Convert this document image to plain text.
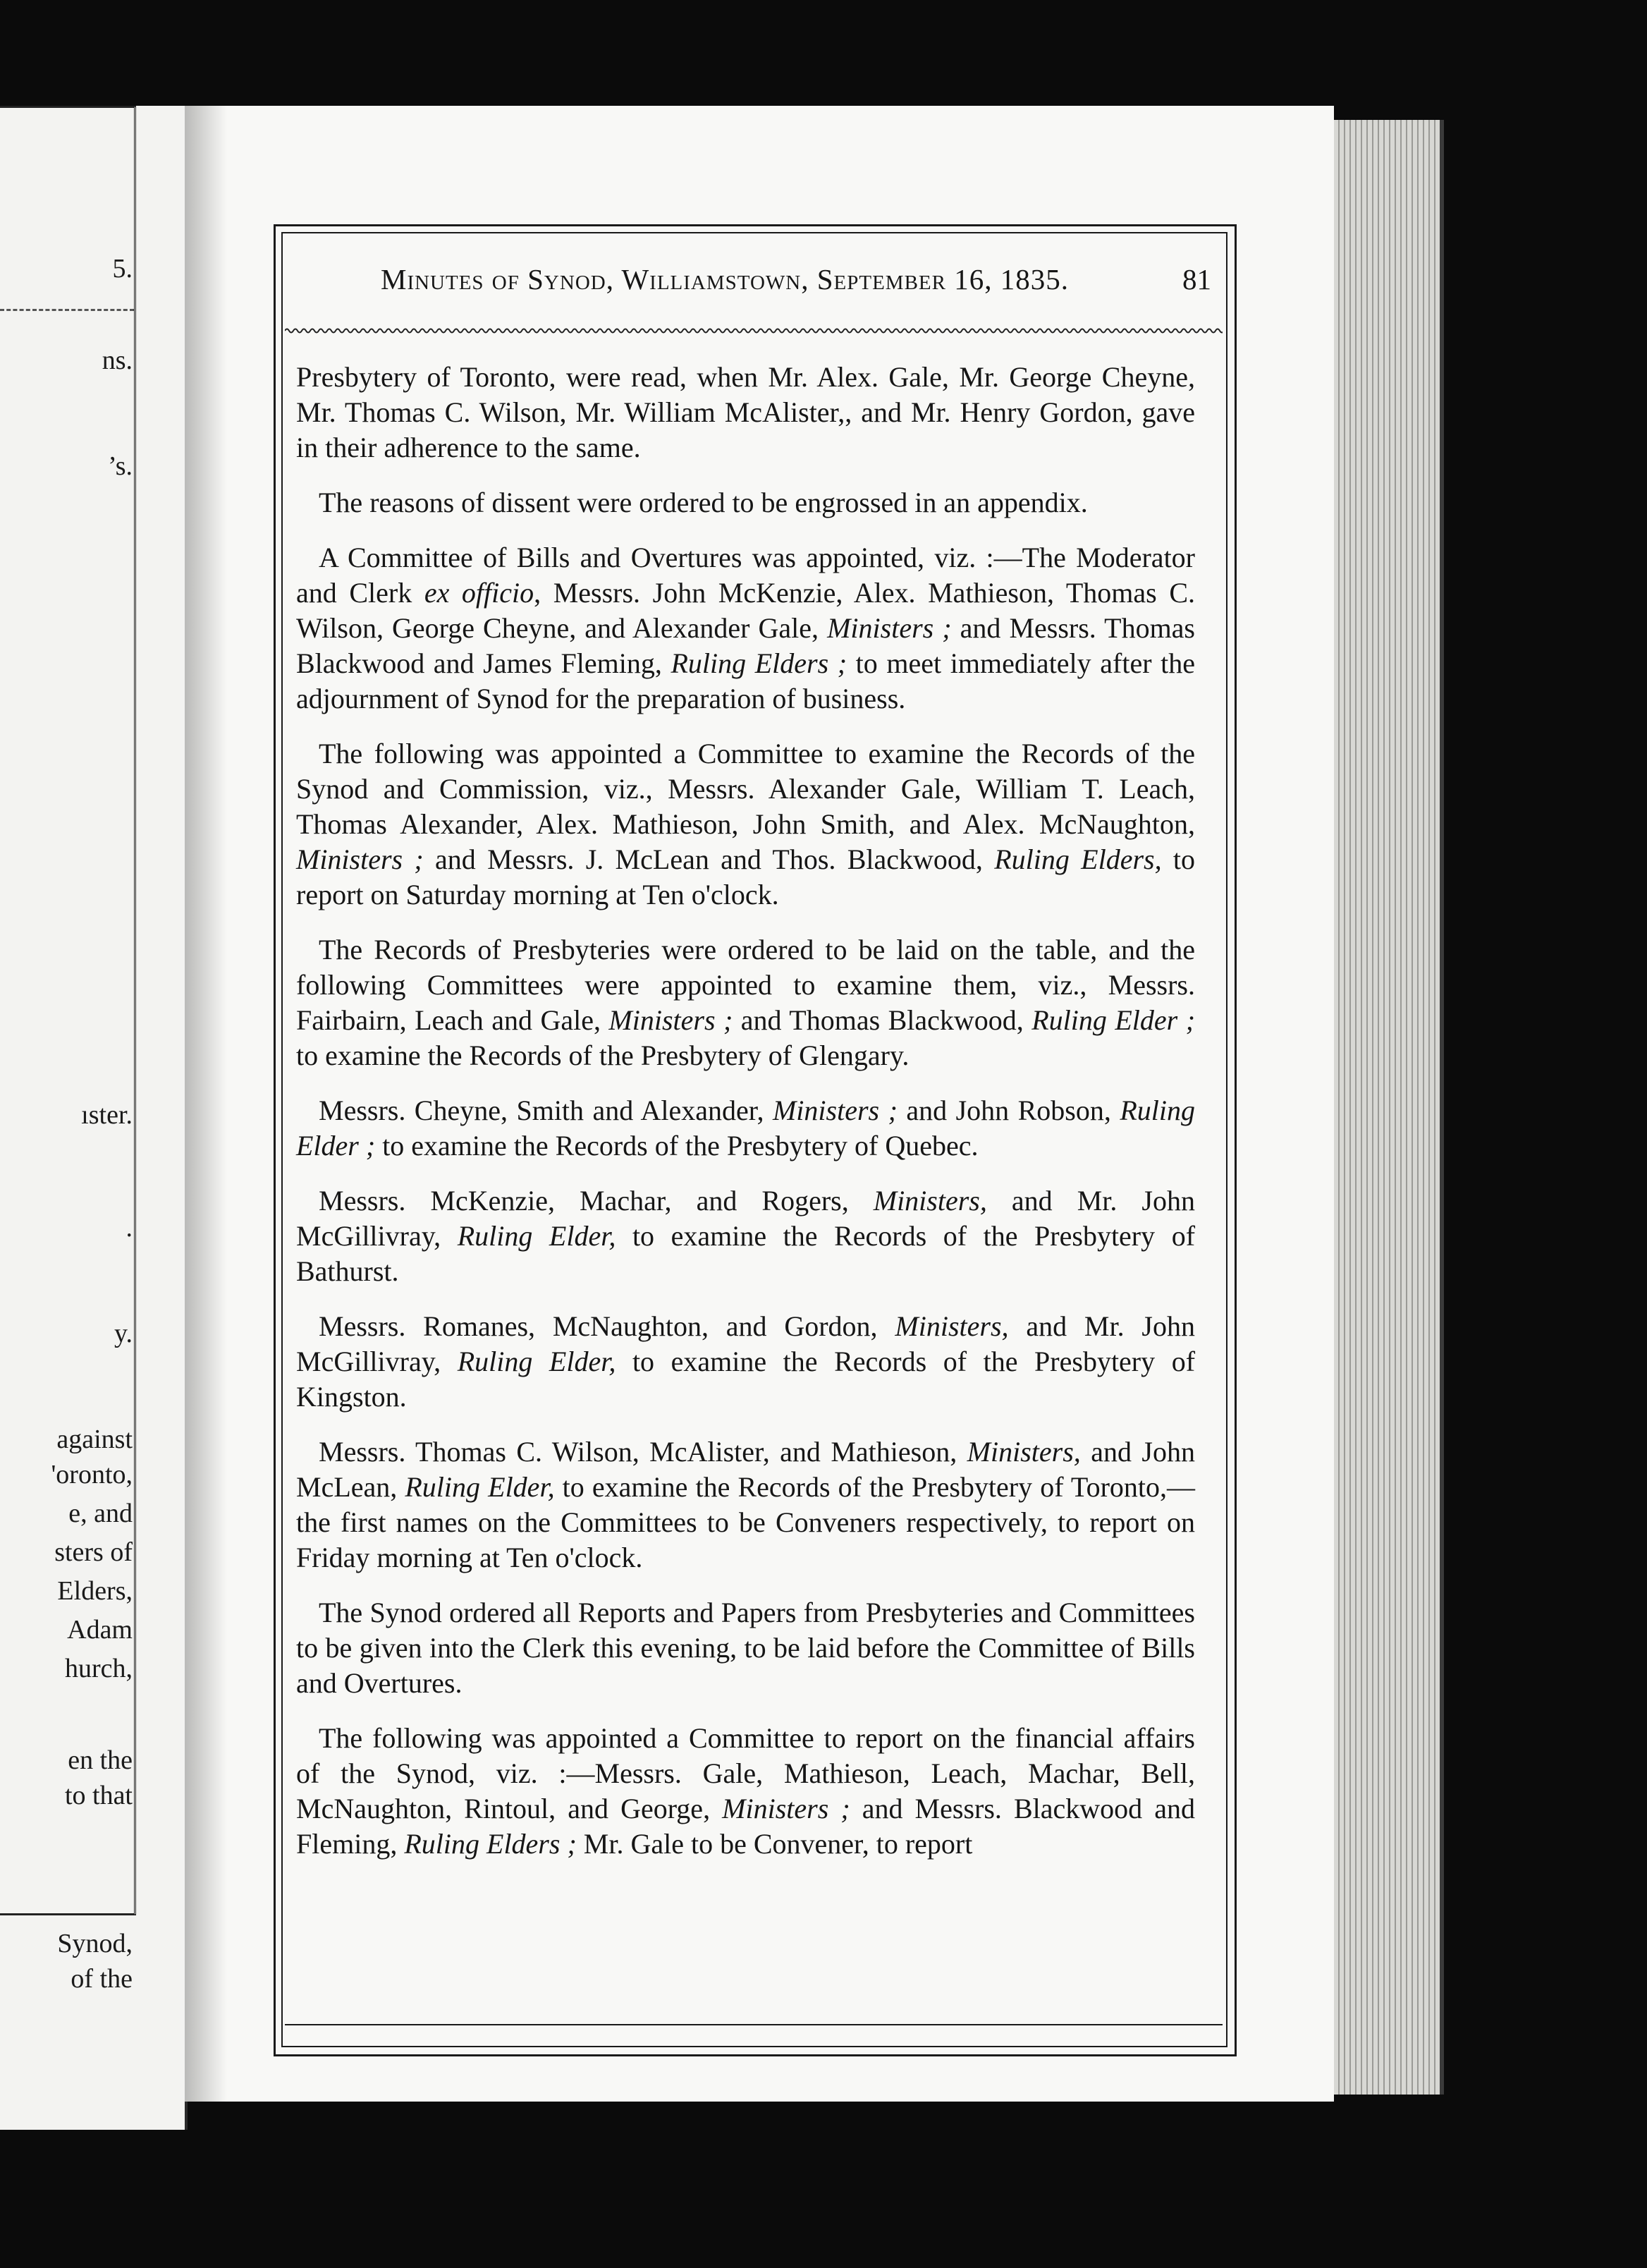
5.
ns.
’s.
ıster.
.
y.
against
'oronto,
e, and
sters of
Elders,
Adam
hurch,
en the
to that
Synod,
of the
Minutes of Synod, Williamstown, September 16, 1835.	81

Presbytery of Toronto, were read, when Mr. Alex. Gale, Mr. George Cheyne, Mr. Thomas C. Wilson, Mr. William McAlister,, and Mr. Henry Gordon, gave in their adherence to the same.

The reasons of dissent were ordered to be engrossed in an appendix.

A Committee of Bills and Overtures was appointed, viz. :—The Moderator and Clerk ex officio, Messrs. John McKenzie, Alex. Mathieson, Thomas C. Wilson, George Cheyne, and Alexander Gale, Ministers ; and Messrs. Thomas Blackwood and James Fleming, Ruling Elders ; to meet immediately after the adjournment of Synod for the preparation of business.

The following was appointed a Committee to examine the Records of the Synod and Commission, viz., Messrs. Alexander Gale, William T. Leach, Thomas Alexander, Alex. Mathieson, John Smith, and Alex. McNaughton, Ministers ; and Messrs. J. McLean and Thos. Blackwood, Ruling Elders, to report on Saturday morning at Ten o'clock.

The Records of Presbyteries were ordered to be laid on the table, and the following Committees were appointed to examine them, viz., Messrs. Fairbairn, Leach and Gale, Ministers ; and Thomas Blackwood, Ruling Elder ; to examine the Records of the Presbytery of Glengary.

Messrs. Cheyne, Smith and Alexander, Ministers ; and John Robson, Ruling Elder ; to examine the Records of the Presbytery of Quebec.

Messrs. McKenzie, Machar, and Rogers, Ministers, and Mr. John McGillivray, Ruling Elder, to examine the Records of the Presbytery of Bathurst.

Messrs. Romanes, McNaughton, and Gordon, Ministers, and Mr. John McGillivray, Ruling Elder, to examine the Records of the Presbytery of Kingston.

Messrs. Thomas C. Wilson, McAlister, and Mathieson, Ministers, and John McLean, Ruling Elder, to examine the Records of the Presbytery of Toronto,—the first names on the Committees to be Conveners respectively, to report on Friday morning at Ten o'clock.

The Synod ordered all Reports and Papers from Presbyteries and Committees to be given into the Clerk this evening, to be laid before the Committee of Bills and Overtures.

The following was appointed a Committee to report on the financial affairs of the Synod, viz. :—Messrs. Gale, Mathieson, Leach, Machar, Bell, McNaughton, Rintoul, and George, Ministers ; and Messrs. Blackwood and Fleming, Ruling Elders ; Mr. Gale to be Convener, to report
